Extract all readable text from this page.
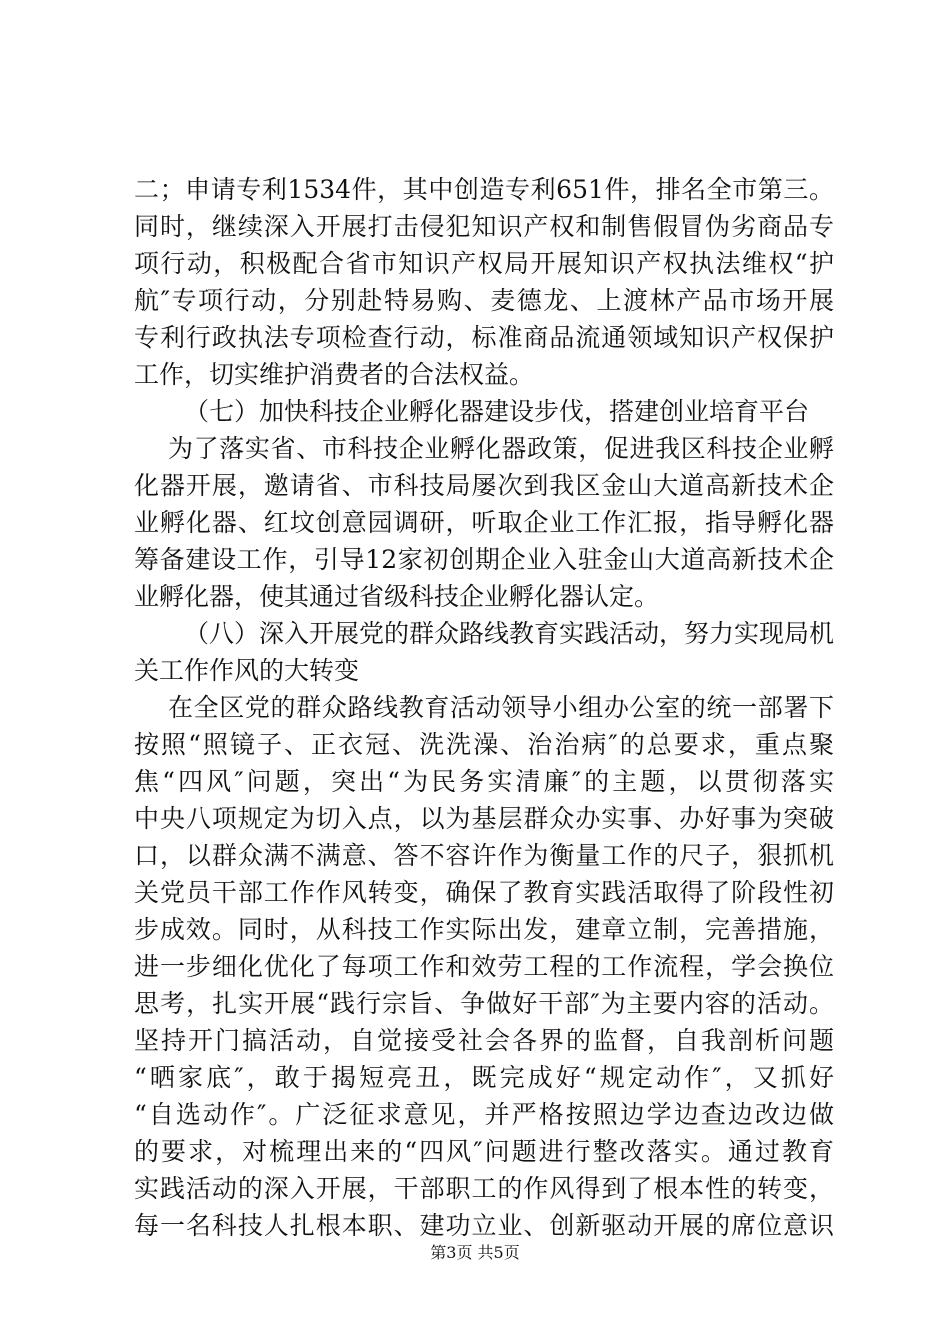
二；申请专利1534件，其中创造专利651件，排名全市第三。
同时，继续深入开展打击侵犯知识产权和制售假冒伪劣商品专
项行动，积极配合省市知识产权局开展知识产权执法维权“护
航″专项行动，分别赴特易购、麦德龙、上渡林产品市场开展
专利行政执法专项检查行动，标准商品流通领域知识产权保护
工作，切实维护消费者的合法权益。
（七）加快科技企业孵化器建设步伐，搭建创业培育平台
为了落实省、市科技企业孵化器政策，促进我区科技企业孵
化器开展，邀请省、市科技局屡次到我区金山大道高新技术企
业孵化器、红坟创意园调研，听取企业工作汇报，指导孵化器
筹备建设工作，引导12家初创期企业入驻金山大道高新技术企
业孵化器，使其通过省级科技企业孵化器认定。
（八）深入开展党的群众路线教育实践活动，努力实现局机
关工作作风的大转变
在全区党的群众路线教育活动领导小组办公室的统一部署下
按照“照镜子、正衣冠、洗洗澡、治治病″的总要求，重点聚
焦“四风″问题，突出“为民务实清廉″的主题，以贯彻落实
中央八项规定为切入点，以为基层群众办实事、办好事为突破
口，以群众满不满意、答不容许作为衡量工作的尺子，狠抓机
关党员干部工作作风转变，确保了教育实践活取得了阶段性初
步成效。同时，从科技工作实际出发，建章立制，完善措施，
进一步细化优化了每项工作和效劳工程的工作流程，学会换位
思考，扎实开展“践行宗旨、争做好干部″为主要内容的活动。
坚持开门搞活动，自觉接受社会各界的监督，自我剖析问题
“晒家底″，敢于揭短亮丑，既完成好“规定动作″，又抓好
“自选动作″。广泛征求意见，并严格按照边学边查边改边做
的要求，对梳理出来的“四风″问题进行整改落实。通过教育
实践活动的深入开展，干部职工的作风得到了根本性的转变，
每一名科技人扎根本职、建功立业、创新驱动开展的席位意识
第3页 共5页
